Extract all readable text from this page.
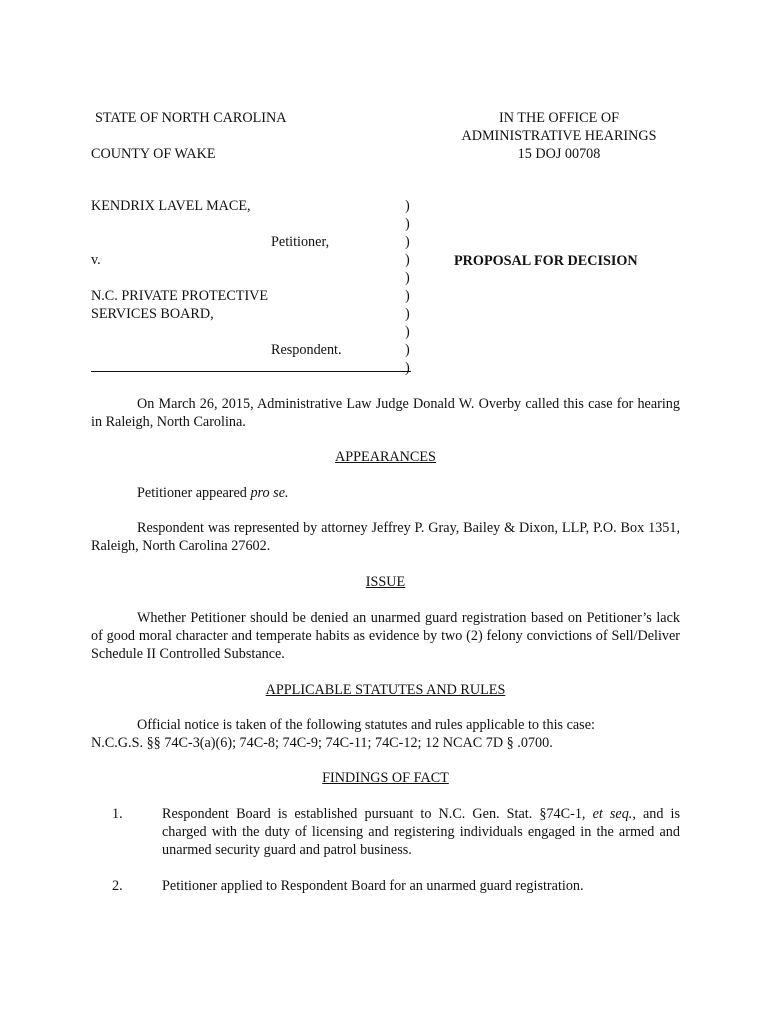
STATE OF NORTH CAROLINA
COUNTY OF WAKE
IN THE OFFICE OF
ADMINISTRATIVE HEARINGS
15 DOJ 00708
KENDRIX LAVEL MACE,
Petitioner,
v.
N.C. PRIVATE PROTECTIVE
SERVICES BOARD,
Respondent.
)
)
)
)
)
)
)
)
)
)
PROPOSAL FOR DECISION
On March 26, 2015, Administrative Law Judge Donald W. Overby called this case for hearing in Raleigh, North Carolina.
APPEARANCES
Petitioner appeared pro se.
Respondent was represented by attorney Jeffrey P. Gray, Bailey & Dixon, LLP, P.O. Box 1351, Raleigh, North Carolina 27602.
ISSUE
Whether Petitioner should be denied an unarmed guard registration based on Petitioner’s lack of good moral character and temperate habits as evidence by two (2) felony convictions of Sell/Deliver Schedule II Controlled Substance.
APPLICABLE STATUTES AND RULES
Official notice is taken of the following statutes and rules applicable to this case:
N.C.G.S. §§ 74C-3(a)(6); 74C-8; 74C-9; 74C-11; 74C-12; 12 NCAC 7D § .0700.
FINDINGS OF FACT
1.	Respondent Board is established pursuant to N.C. Gen. Stat. §74C-1, et seq., and is charged with the duty of licensing and registering individuals engaged in the armed and unarmed security guard and patrol business.
2.	Petitioner applied to Respondent Board for an unarmed guard registration.
